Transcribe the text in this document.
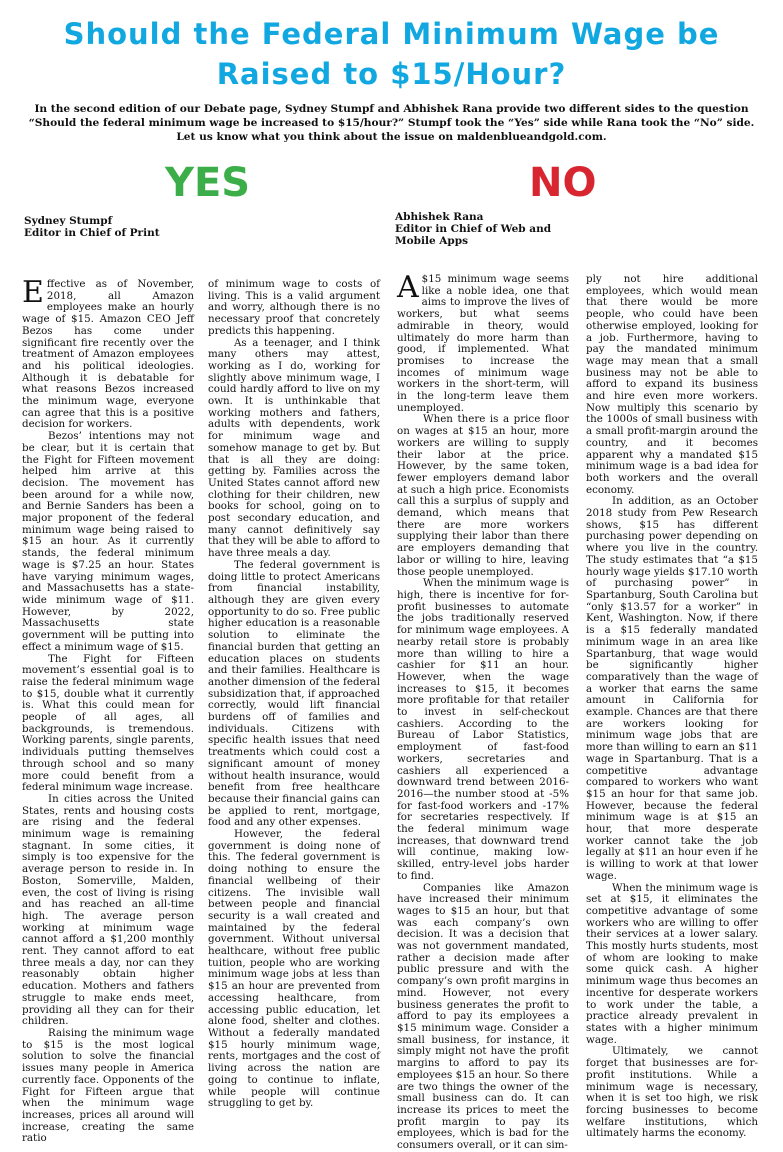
Should the Federal Minimum Wage be
Raised to $15/Hour?
In the second edition of our Debate page, Sydney Stumpf and Abhishek Rana provide two different sides to the question “Should the federal minimum wage be increased to $15/hour?” Stumpf took the “Yes” side while Rana took the “No” side. Let us know what you think about the issue on maldenblueandgold.com.
YES	NO
Sydney Stumpf
Editor in Chief of Print
Abhishek Rana
Editor in Chief of Web and Mobile Apps

Effective as of November, 2018, all Amazon employees make an hourly wage of $15. Amazon CEO Jeff Bezos has come under significant fire recently over the treatment of Amazon employees and his political ideologies. Although it is debatable for what reasons Bezos increased the minimum wage, everyone can agree that this is a positive decision for workers.

Bezos’ intentions may not be clear, but it is certain that the Fight for Fifteen movement helped him arrive at this decision. The movement has been around for a while now, and Bernie Sanders has been a major proponent of the federal minimum wage being raised to $15 an hour. As it currently stands, the federal minimum wage is $7.25 an hour. States have varying minimum wages, and Massachusetts has a state-wide minimum wage of $11. However, by 2022, Massachusetts state government will be putting into effect a minimum wage of $15.

The Fight for Fifteen movement’s essential goal is to raise the federal minimum wage to $15, double what it currently is. What this could mean for people of all ages, all backgrounds, is tremendous. Working parents, single parents, individuals putting themselves through school and so many more could benefit from a federal minimum wage increase.

In cities across the United States, rents and housing costs are rising and the federal minimum wage is remaining stagnant. In some cities, it simply is too expensive for the average person to reside in. In Boston, Somerville, Malden, even, the cost of living is rising and has reached an all-time high. The average person working at minimum wage cannot afford a $1,200 monthly rent. They cannot afford to eat three meals a day, nor can they reasonably obtain higher education. Mothers and fathers struggle to make ends meet, providing all they can for their children.

Raising the minimum wage to $15 is the most logical solution to solve the financial issues many people in America currently face. Opponents of the Fight for Fifteen argue that when the minimum wage increases, prices all around will increase, creating the same ratio

of minimum wage to costs of living. This is a valid argument and worry, although there is no necessary proof that concretely predicts this happening.

As a teenager, and I think many others may attest, working as I do, working for slightly above minimum wage, I could hardly afford to live on my own. It is unthinkable that working mothers and fathers, adults with dependents, work for minimum wage and somehow manage to get by. But that is all they are doing: getting by. Families across the United States cannot afford new clothing for their children, new books for school, going on to post secondary education, and many cannot definitively say that they will be able to afford to have three meals a day.

The federal government is doing little to protect Americans from financial instability, although they are given every opportunity to do so. Free public higher education is a reasonable solution to eliminate the financial burden that getting an education places on students and their families. Healthcare is another dimension of the federal subsidization that, if approached correctly, would lift financial burdens off of families and individuals. Citizens with specific health issues that need treatments which could cost a significant amount of money without health insurance, would benefit from free healthcare because their financial gains can be applied to rent, mortgage, food and any other expenses.

However, the federal government is doing none of this. The federal government is doing nothing to ensure the financial wellbeing of their citizens. The invisible wall between people and financial security is a wall created and maintained by the federal government. Without universal healthcare, without free public tuition, people who are working minimum wage jobs at less than $15 an hour are prevented from accessing healthcare, from accessing public education, let alone food, shelter and clothes. Without a federally mandated $15 hourly minimum wage, rents, mortgages and the cost of living across the nation are going to continue to inflate, while people will continue struggling to get by.

A $15 minimum wage seems like a noble idea, one that aims to improve the lives of workers, but what seems admirable in theory, would ultimately do more harm than good, if implemented. What promises to increase the incomes of minimum wage workers in the short-term, will in the long-term leave them unemployed.

When there is a price floor on wages at $15 an hour, more workers are willing to supply their labor at the price. However, by the same token, fewer employers demand labor at such a high price. Economists call this a surplus of supply and demand, which means that there are more workers supplying their labor than there are employers demanding that labor or willing to hire, leaving those people unemployed.

When the minimum wage is high, there is incentive for for-profit businesses to automate the jobs traditionally reserved for minimum wage employees. A nearby retail store is probably more than willing to hire a cashier for $11 an hour. However, when the wage increases to $15, it becomes more profitable for that retailer to invest in self-checkout cashiers. According to the Bureau of Labor Statistics, employment of fast-food workers, secretaries and cashiers all experienced a downward trend between 2016-2016—the number stood at -5% for fast-food workers and -17% for secretaries respectively. If the federal minimum wage increases, that downward trend will continue, making low-skilled, entry-level jobs harder to find.

Companies like Amazon have increased their minimum wages to $15 an hour, but that was each company’s own decision. It was a decision that was not government mandated, rather a decision made after public pressure and with the company’s own profit margins in mind. However, not every business generates the profit to afford to pay its employees a $15 minimum wage. Consider a small business, for instance, it simply might not have the profit margins to afford to pay its employees $15 an hour. So there are two things the owner of the small business can do. It can increase its prices to meet the profit margin to pay its employees, which is bad for the consumers overall, or it can sim-

ply not hire additional employees, which would mean that there would be more people, who could have been otherwise employed, looking for a job. Furthermore, having to pay the mandated minimum wage may mean that a small business may not be able to afford to expand its business and hire even more workers. Now multiply this scenario by the 1000s of small business with a small profit-margin around the country, and it becomes apparent why a mandated $15 minimum wage is a bad idea for both workers and the overall economy.

In addition, as an October 2018 study from Pew Research shows, $15 has different purchasing power depending on where you live in the country. The study estimates that “a $15 hourly wage yields $17.10 worth of purchasing power” in Spartanburg, South Carolina but “only $13.57 for a worker” in Kent, Washington. Now, if there is a $15 federally mandated minimum wage in an area like Spartanburg, that wage would be significantly higher comparatively than the wage of a worker that earns the same amount in California for example. Chances are that there are workers looking for minimum wage jobs that are more than willing to earn an $11 wage in Spartanburg. That is a competitive advantage compared to workers who want $15 an hour for that same job. However, because the federal minimum wage is at $15 an hour, that more desperate worker cannot take the job legally at $11 an hour even if he is willing to work at that lower wage.

When the minimum wage is set at $15, it eliminates the competitive advantage of some workers who are willing to offer their services at a lower salary. This mostly hurts students, most of whom are looking to make some quick cash. A higher minimum wage thus becomes an incentive for desperate workers to work under the table, a practice already prevalent in states with a higher minimum wage.

Ultimately, we cannot forget that businesses are for-profit institutions. While a minimum wage is necessary, when it is set too high, we risk forcing businesses to become welfare institutions, which ultimately harms the economy.
